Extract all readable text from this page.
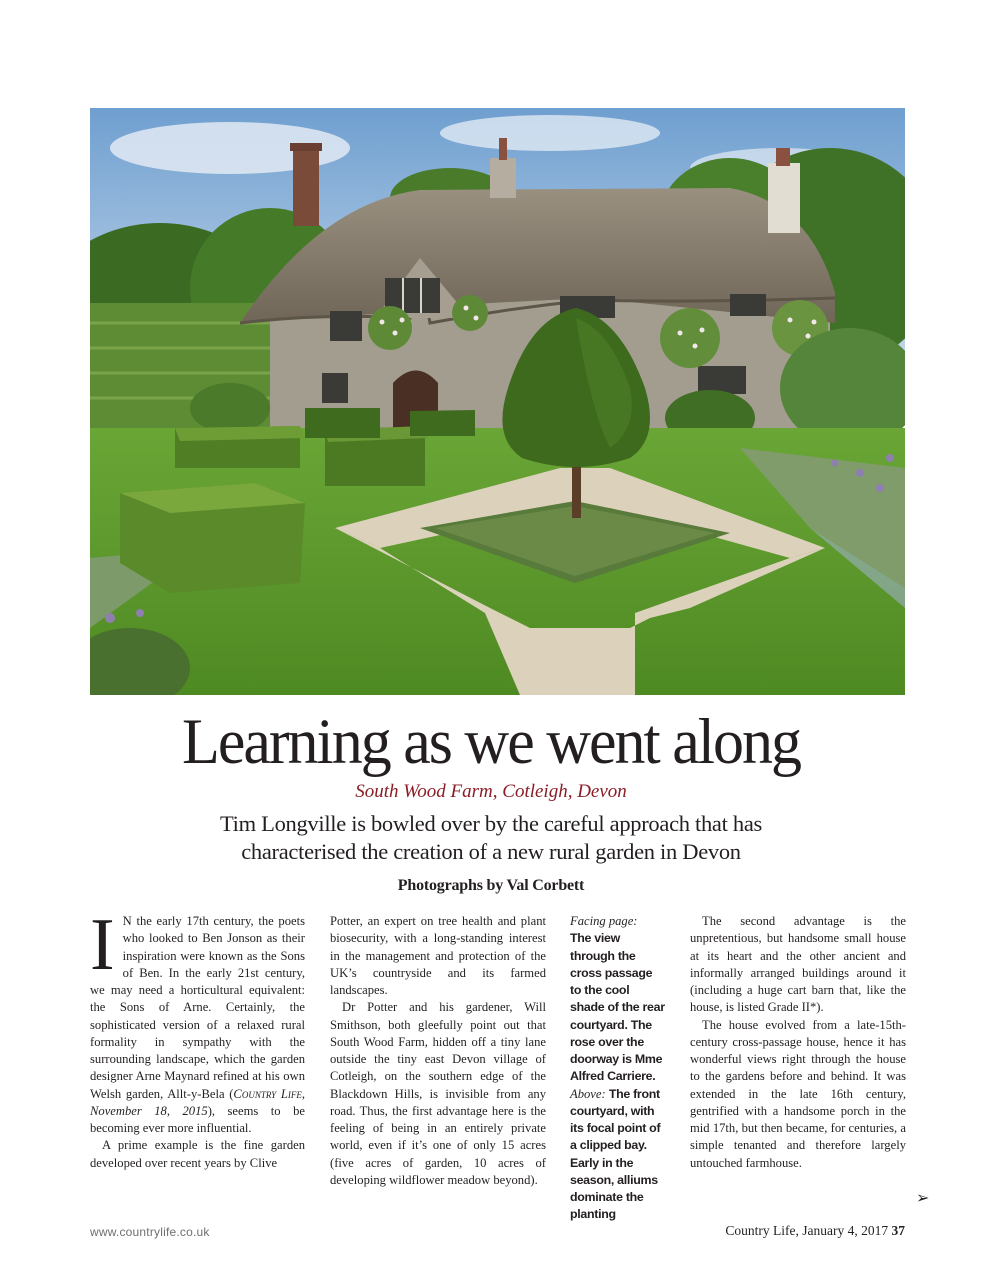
Learning as we went along
South Wood Farm, Cotleigh, Devon
Tim Longville is bowled over by the careful approach that has
characterised the creation of a new rural garden in Devon
Photographs by Val Corbett

I N the early 17th century, the poets who looked to Ben Jonson as their inspiration were known as the Sons of Ben. In the early 21st century, we may need a horticultural equivalent: the Sons of Arne. Certainly, the sophisticated version of a relaxed rural formality in sympathy with the surrounding landscape, which the garden designer Arne Maynard refined at his own Welsh garden, Allt-y-Bela (Country Life, November 18, 2015), seems to be becoming ever more influential.

A prime example is the fine garden developed over recent years by Clive

Potter, an expert on tree health and plant biosecurity, with a long-standing interest in the management and protection of the UK’s countryside and its farmed landscapes.

Dr Potter and his gardener, Will Smithson, both gleefully point out that South Wood Farm, hidden off a tiny lane outside the tiny east Devon village of Cotleigh, on the southern edge of the Blackdown Hills, is invisible from any road. Thus, the first advantage here is the feeling of being in an entirely private world, even if it’s one of only 15 acres (five acres of garden, 10 acres of developing wildflower meadow beyond).

Facing page:
The view through the cross passage to the cool shade of the rear courtyard. The rose over the doorway is Mme Alfred Carriere.
Above: The front courtyard, with its focal point of a clipped bay. Early in the season, alliums dominate the planting

The second advantage is the unpretentious, but handsome small house at its heart and the other ancient and informally arranged buildings around it (including a huge cart barn that, like the house, is listed Grade II*).

The house evolved from a late-15th-century cross-passage house, hence it has wonderful views right through the house to the gardens before and behind. It was extended in the late 16th century, gentrified with a handsome porch in the mid 17th, but then became, for centuries, a simple tenanted and therefore largely untouched farmhouse.

➢
www.countrylife.co.uk	Country Life, January 4, 2017 37
